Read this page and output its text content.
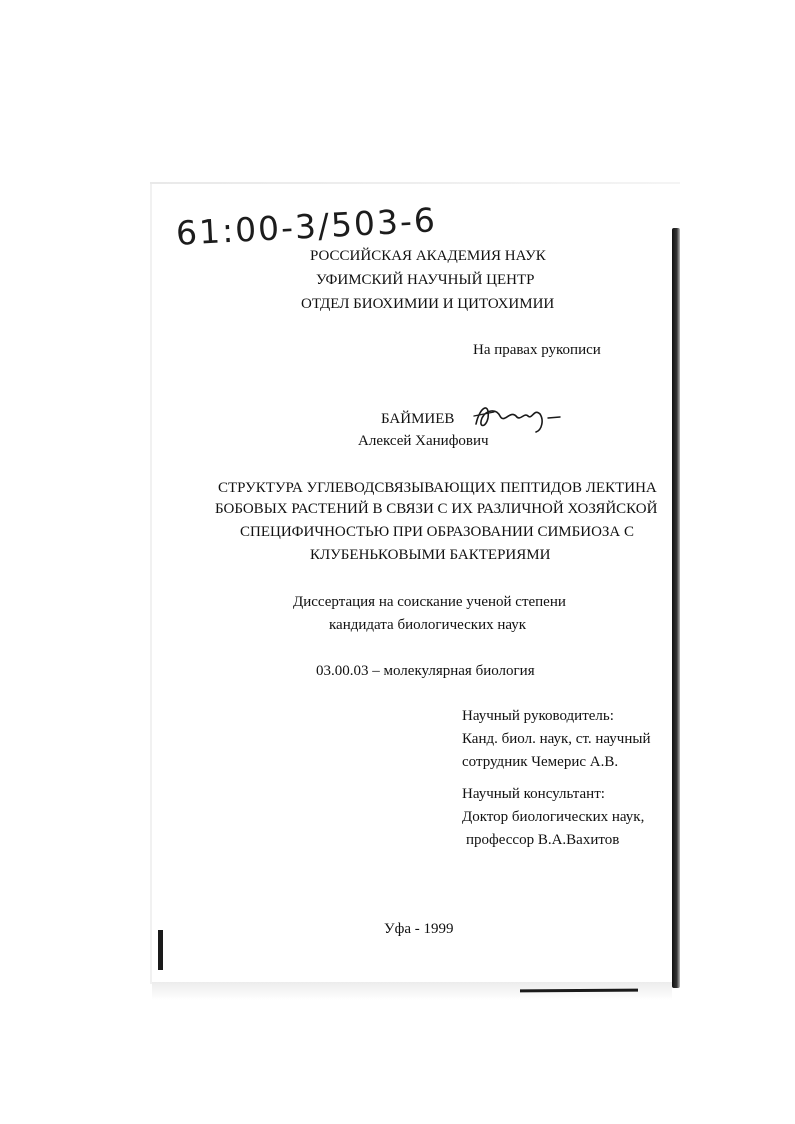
61:00-3/503-6
РОССИЙСКАЯ АКАДЕМИЯ НАУК
УФИМСКИЙ НАУЧНЫЙ ЦЕНТР
ОТДЕЛ БИОХИМИИ И ЦИТОХИМИИ
На правах рукописи
БАЙМИЕВ
Алексей Ханифович
СТРУКТУРА УГЛЕВОДСВЯЗЫВАЮЩИХ ПЕПТИДОВ ЛЕКТИНА
БОБОВЫХ РАСТЕНИЙ В СВЯЗИ С ИХ РАЗЛИЧНОЙ ХОЗЯЙСКОЙ
СПЕЦИФИЧНОСТЬЮ ПРИ ОБРАЗОВАНИИ СИМБИОЗА С
КЛУБЕНЬКОВЫМИ БАКТЕРИЯМИ
Диссертация на соискание ученой степени
кандидата биологических наук
03.00.03 – молекулярная биология
Научный руководитель:
Канд. биол. наук, ст. научный
сотрудник Чемерис А.В.
Научный консультант:
Доктор биологических наук,
профессор В.А.Вахитов
Уфа - 1999
